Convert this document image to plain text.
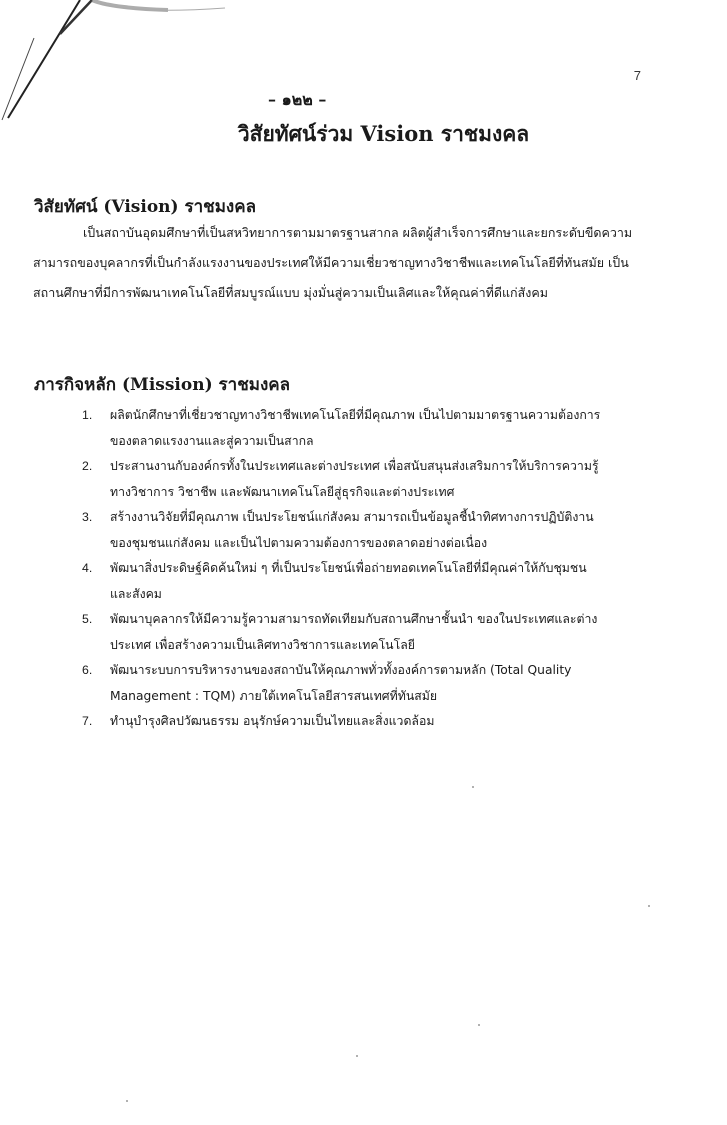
7
– ๑๒๒ –
วิสัยทัศน์ร่วม Vision ราชมงคล
วิสัยทัศน์ (Vision) ราชมงคล

เป็นสถาบันอุดมศึกษาที่เป็นสหวิทยาการตามมาตรฐานสากล ผลิตผู้สำเร็จการศึกษาและยกระดับขีดความสามารถของบุคลากรที่เป็นกำลังแรงงานของประเทศให้มีความเชี่ยวชาญทางวิชาชีพและเทคโนโลยีที่ทันสมัย เป็นสถานศึกษาที่มีการพัฒนาเทคโนโลยีที่สมบูรณ์แบบ มุ่งมั่นสู่ความเป็นเลิศและให้คุณค่าที่ดีแก่สังคม

ภารกิจหลัก (Mission) ราชมงคล
1.	ผลิตนักศึกษาที่เชี่ยวชาญทางวิชาชีพเทคโนโลยีที่มีคุณภาพ เป็นไปตามมาตรฐานความต้องการของตลาดแรงงานและสู่ความเป็นสากล
2.	ประสานงานกับองค์กรทั้งในประเทศและต่างประเทศ เพื่อสนับสนุนส่งเสริมการให้บริการความรู้ทางวิชาการ วิชาชีพ และพัฒนาเทคโนโลยีสู่ธุรกิจและต่างประเทศ
3.	สร้างงานวิจัยที่มีคุณภาพ เป็นประโยชน์แก่สังคม สามารถเป็นข้อมูลชี้นำทิศทางการปฏิบัติงานของชุมชนแก่สังคม และเป็นไปตามความต้องการของตลาดอย่างต่อเนื่อง
4.	พัฒนาสิ่งประดิษฐ์คิดค้นใหม่ ๆ ที่เป็นประโยชน์เพื่อถ่ายทอดเทคโนโลยีที่มีคุณค่าให้กับชุมชนและสังคม
5.	พัฒนาบุคลากรให้มีความรู้ความสามารถทัดเทียมกับสถานศึกษาชั้นนำ ของในประเทศและต่างประเทศ เพื่อสร้างความเป็นเลิศทางวิชาการและเทคโนโลยี
6.	พัฒนาระบบการบริหารงานของสถาบันให้คุณภาพทั่วทั้งองค์การตามหลัก (Total Quality Management : TQM) ภายใต้เทคโนโลยีสารสนเทศที่ทันสมัย
7.	ทำนุบำรุงศิลปวัฒนธรรม อนุรักษ์ความเป็นไทยและสิ่งแวดล้อม
